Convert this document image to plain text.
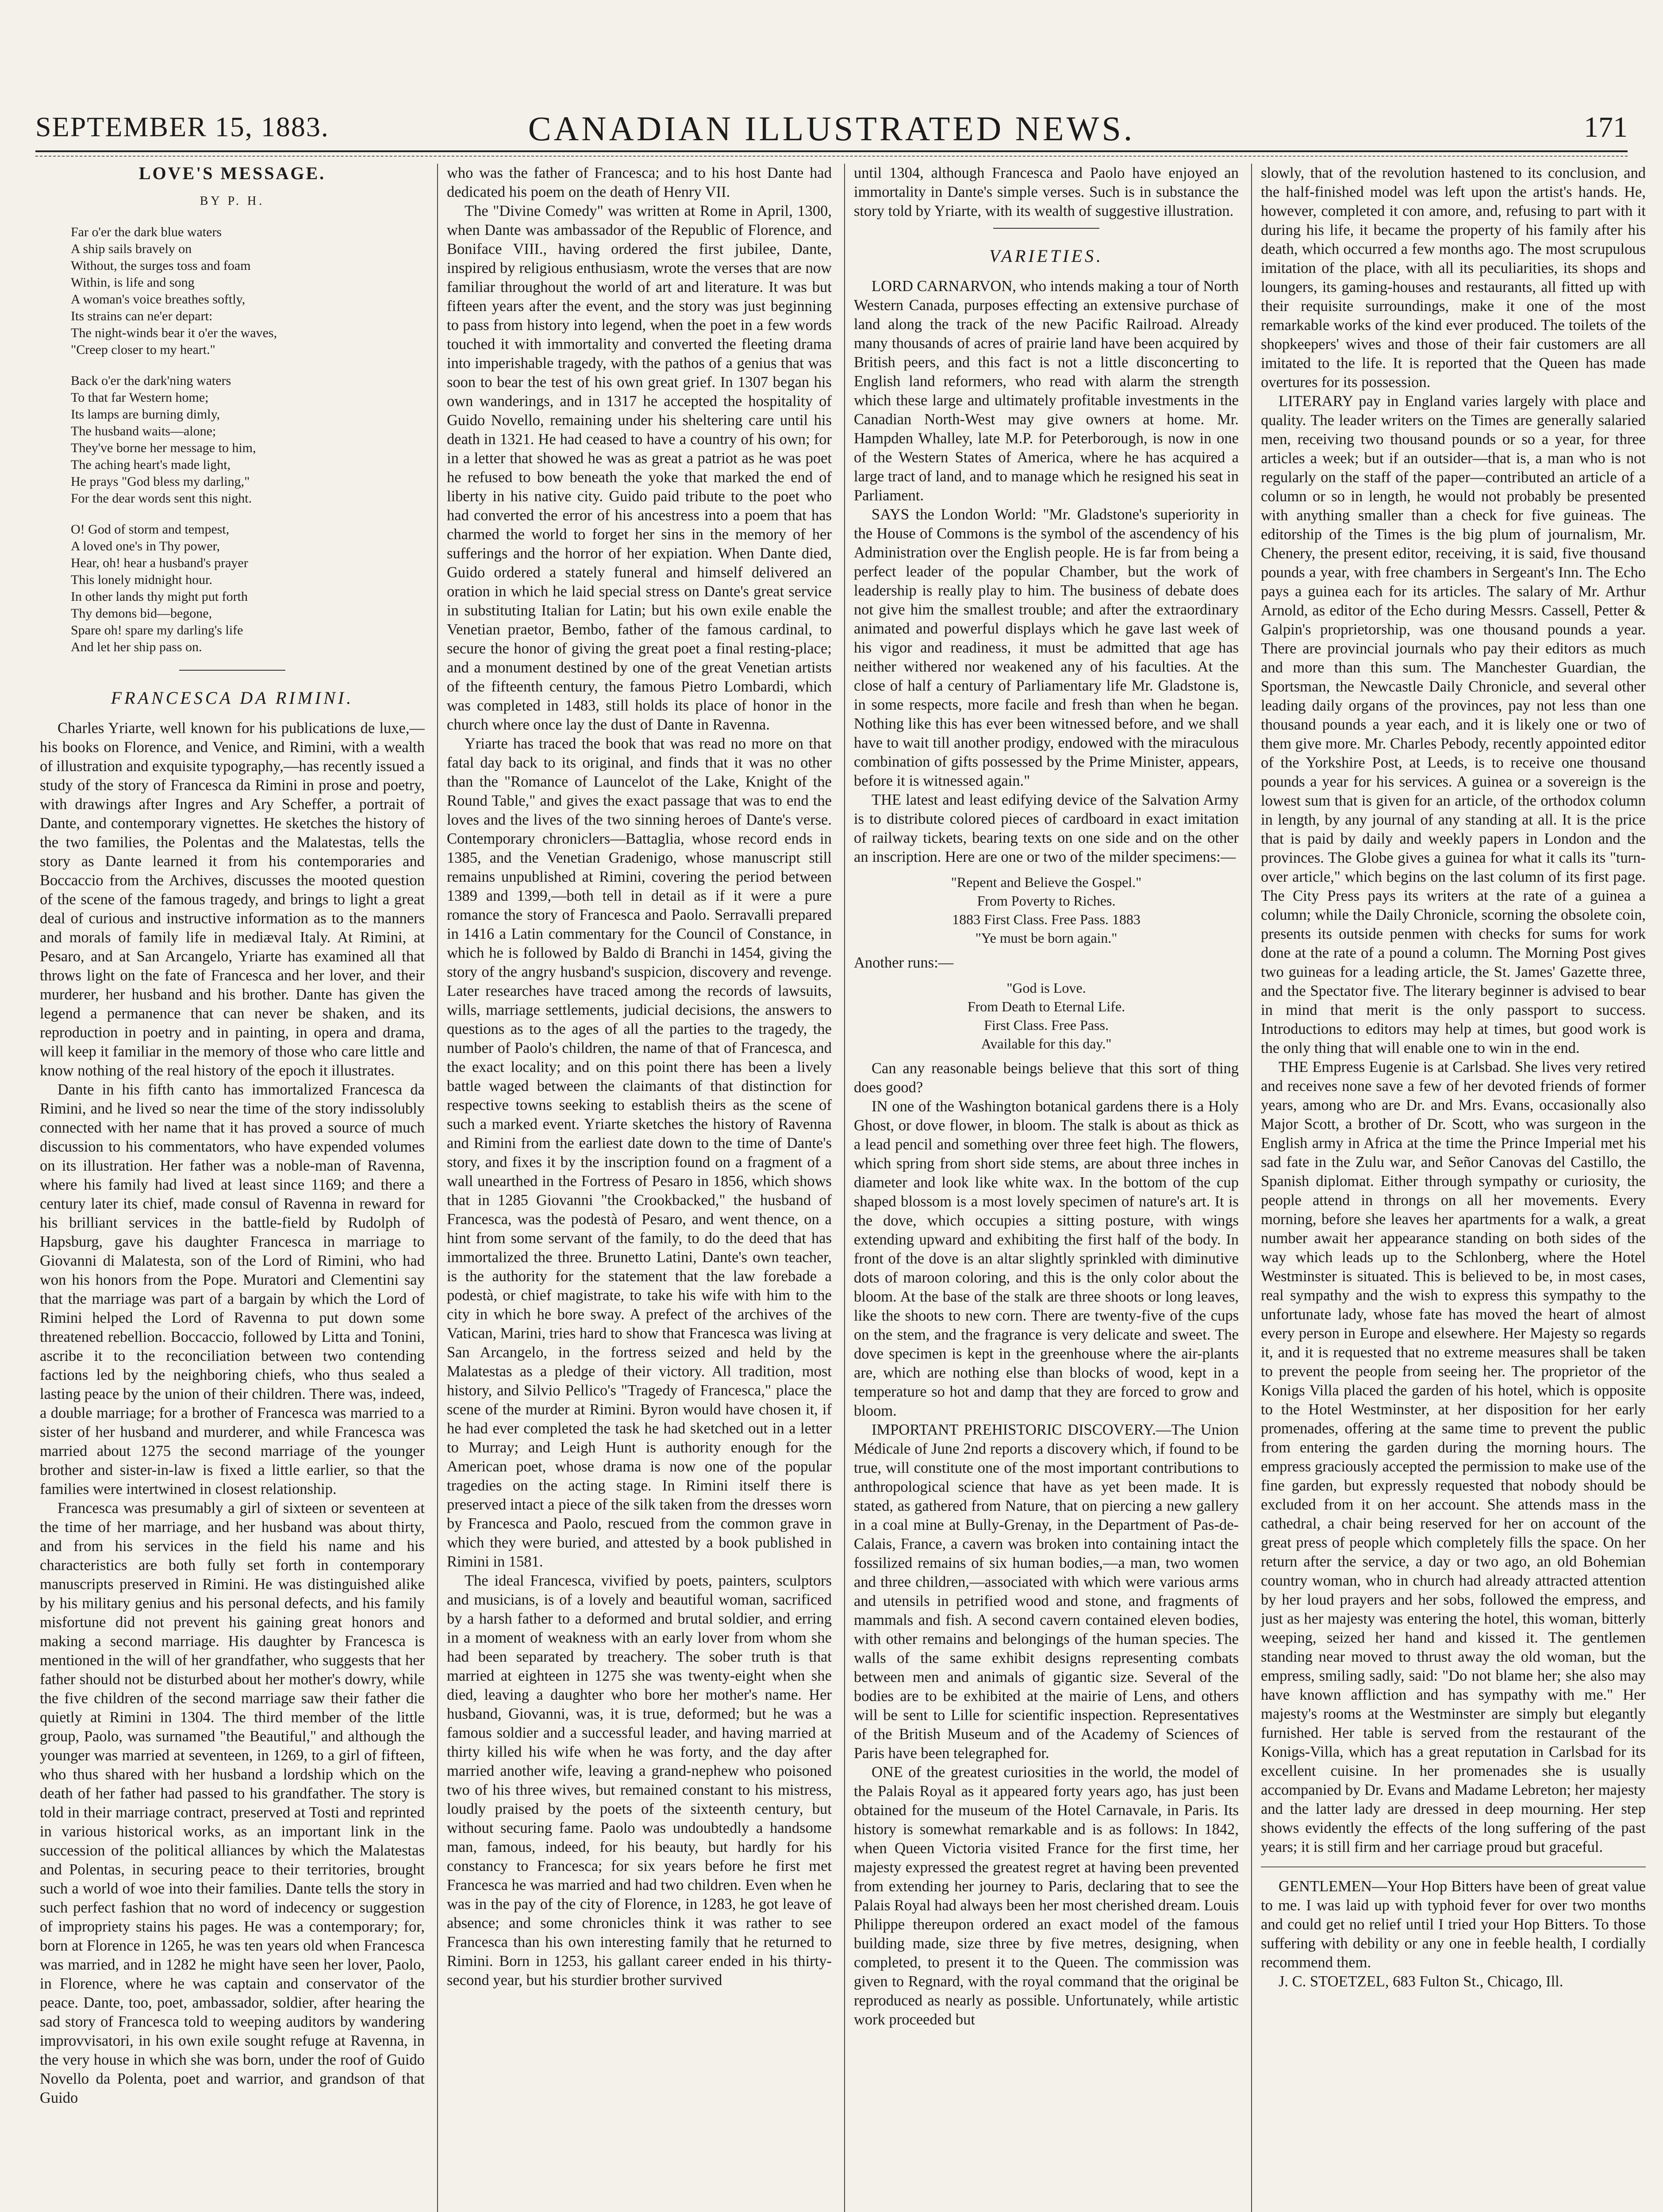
SEPTEMBER 15, 1883.	CANADIAN ILLUSTRATED NEWS.	171
LOVE'S MESSAGE.
BY P. H.
Far o'er the dark blue waters
A ship sails bravely on
Without, the surges toss and foam
Within, is life and song
A woman's voice breathes softly,
Its strains can ne'er depart:
The night-winds bear it o'er the waves,
"Creep closer to my heart."
Back o'er the dark'ning waters
To that far Western home;
Its lamps are burning dimly,
The husband waits—alone;
They've borne her message to him,
The aching heart's made light,
He prays "God bless my darling,"
For the dear words sent this night.
O! God of storm and tempest,
A loved one's in Thy power,
Hear, oh! hear a husband's prayer
This lonely midnight hour.
In other lands thy might put forth
Thy demons bid—begone,
Spare oh! spare my darling's life
And let her ship pass on.
FRANCESCA DA RIMINI.

Charles Yriarte, well known for his publications de luxe,—his books on Florence, and Venice, and Rimini, with a wealth of illustration and exquisite typography,—has recently issued a study of the story of Francesca da Rimini in prose and poetry, with drawings after Ingres and Ary Scheffer, a portrait of Dante, and contemporary vignettes. He sketches the history of the two families, the Polentas and the Malatestas, tells the story as Dante learned it from his contemporaries and Boccaccio from the Archives, discusses the mooted question of the scene of the famous tragedy, and brings to light a great deal of curious and instructive information as to the manners and morals of family life in mediæval Italy. At Rimini, at Pesaro, and at San Arcangelo, Yriarte has examined all that throws light on the fate of Francesca and her lover, and their murderer, her husband and his brother. Dante has given the legend a permanence that can never be shaken, and its reproduction in poetry and in painting, in opera and drama, will keep it familiar in the memory of those who care little and know nothing of the real history of the epoch it illustrates.

Dante in his fifth canto has immortalized Francesca da Rimini, and he lived so near the time of the story indissolubly connected with her name that it has proved a source of much discussion to his commentators, who have expended volumes on its illustration. Her father was a noble-man of Ravenna, where his family had lived at least since 1169; and there a century later its chief, made consul of Ravenna in reward for his brilliant services in the battle-field by Rudolph of Hapsburg, gave his daughter Francesca in marriage to Giovanni di Malatesta, son of the Lord of Rimini, who had won his honors from the Pope. Muratori and Clementini say that the marriage was part of a bargain by which the Lord of Rimini helped the Lord of Ravenna to put down some threatened rebellion. Boccaccio, followed by Litta and Tonini, ascribe it to the reconciliation between two contending factions led by the neighboring chiefs, who thus sealed a lasting peace by the union of their children. There was, indeed, a double marriage; for a brother of Francesca was married to a sister of her husband and murderer, and while Francesca was married about 1275 the second marriage of the younger brother and sister-in-law is fixed a little earlier, so that the families were intertwined in closest relationship.

Francesca was presumably a girl of sixteen or seventeen at the time of her marriage, and her husband was about thirty, and from his services in the field his name and his characteristics are both fully set forth in contemporary manuscripts preserved in Rimini. He was distinguished alike by his military genius and his personal defects, and his family misfortune did not prevent his gaining great honors and making a second marriage. His daughter by Francesca is mentioned in the will of her grandfather, who suggests that her father should not be disturbed about her mother's dowry, while the five children of the second marriage saw their father die quietly at Rimini in 1304. The third member of the little group, Paolo, was surnamed "the Beautiful," and although the younger was married at seventeen, in 1269, to a girl of fifteen, who thus shared with her husband a lordship which on the death of her father had passed to his grandfather. The story is told in their marriage contract, preserved at Tosti and reprinted in various historical works, as an important link in the succession of the political alliances by which the Malatestas and Polentas, in securing peace to their territories, brought such a world of woe into their families. Dante tells the story in such perfect fashion that no word of indecency or suggestion of impropriety stains his pages. He was a contemporary; for, born at Florence in 1265, he was ten years old when Francesca was married, and in 1282 he might have seen her lover, Paolo, in Florence, where he was captain and conservator of the peace. Dante, too, poet, ambassador, soldier, after hearing the sad story of Francesca told to weeping auditors by wandering improvvisatori, in his own exile sought refuge at Ravenna, in the very house in which she was born, under the roof of Guido Novello da Polenta, poet and warrior, and grandson of that Guido

who was the father of Francesca; and to his host Dante had dedicated his poem on the death of Henry VII.

The "Divine Comedy" was written at Rome in April, 1300, when Dante was ambassador of the Republic of Florence, and Boniface VIII., having ordered the first jubilee, Dante, inspired by religious enthusiasm, wrote the verses that are now familiar throughout the world of art and literature. It was but fifteen years after the event, and the story was just beginning to pass from history into legend, when the poet in a few words touched it with immortality and converted the fleeting drama into imperishable tragedy, with the pathos of a genius that was soon to bear the test of his own great grief. In 1307 began his own wanderings, and in 1317 he accepted the hospitality of Guido Novello, remaining under his sheltering care until his death in 1321. He had ceased to have a country of his own; for in a letter that showed he was as great a patriot as he was poet he refused to bow beneath the yoke that marked the end of liberty in his native city. Guido paid tribute to the poet who had converted the error of his ancestress into a poem that has charmed the world to forget her sins in the memory of her sufferings and the horror of her expiation. When Dante died, Guido ordered a stately funeral and himself delivered an oration in which he laid special stress on Dante's great service in substituting Italian for Latin; but his own exile enable the Venetian praetor, Bembo, father of the famous cardinal, to secure the honor of giving the great poet a final resting-place; and a monument destined by one of the great Venetian artists of the fifteenth century, the famous Pietro Lombardi, which was completed in 1483, still holds its place of honor in the church where once lay the dust of Dante in Ravenna.

Yriarte has traced the book that was read no more on that fatal day back to its original, and finds that it was no other than the "Romance of Launcelot of the Lake, Knight of the Round Table," and gives the exact passage that was to end the loves and the lives of the two sinning heroes of Dante's verse. Contemporary chroniclers—Battaglia, whose record ends in 1385, and the Venetian Gradenigo, whose manuscript still remains unpublished at Rimini, covering the period between 1389 and 1399,—both tell in detail as if it were a pure romance the story of Francesca and Paolo. Serravalli prepared in 1416 a Latin commentary for the Council of Constance, in which he is followed by Baldo di Branchi in 1454, giving the story of the angry husband's suspicion, discovery and revenge. Later researches have traced among the records of lawsuits, wills, marriage settlements, judicial decisions, the answers to questions as to the ages of all the parties to the tragedy, the number of Paolo's children, the name of that of Francesca, and the exact locality; and on this point there has been a lively battle waged between the claimants of that distinction for respective towns seeking to establish theirs as the scene of such a marked event. Yriarte sketches the history of Ravenna and Rimini from the earliest date down to the time of Dante's story, and fixes it by the inscription found on a fragment of a wall unearthed in the Fortress of Pesaro in 1856, which shows that in 1285 Giovanni "the Crookbacked," the husband of Francesca, was the podestà of Pesaro, and went thence, on a hint from some servant of the family, to do the deed that has immortalized the three. Brunetto Latini, Dante's own teacher, is the authority for the statement that the law forebade a podestà, or chief magistrate, to take his wife with him to the city in which he bore sway. A prefect of the archives of the Vatican, Marini, tries hard to show that Francesca was living at San Arcangelo, in the fortress seized and held by the Malatestas as a pledge of their victory. All tradition, most history, and Silvio Pellico's "Tragedy of Francesca," place the scene of the murder at Rimini. Byron would have chosen it, if he had ever completed the task he had sketched out in a letter to Murray; and Leigh Hunt is authority enough for the American poet, whose drama is now one of the popular tragedies on the acting stage. In Rimini itself there is preserved intact a piece of the silk taken from the dresses worn by Francesca and Paolo, rescued from the common grave in which they were buried, and attested by a book published in Rimini in 1581.

The ideal Francesca, vivified by poets, painters, sculptors and musicians, is of a lovely and beautiful woman, sacrificed by a harsh father to a deformed and brutal soldier, and erring in a moment of weakness with an early lover from whom she had been separated by treachery. The sober truth is that married at eighteen in 1275 she was twenty-eight when she died, leaving a daughter who bore her mother's name. Her husband, Giovanni, was, it is true, deformed; but he was a famous soldier and a successful leader, and having married at thirty killed his wife when he was forty, and the day after married another wife, leaving a grand-nephew who poisoned two of his three wives, but remained constant to his mistress, loudly praised by the poets of the sixteenth century, but without securing fame. Paolo was undoubtedly a handsome man, famous, indeed, for his beauty, but hardly for his constancy to Francesca; for six years before he first met Francesca he was married and had two children. Even when he was in the pay of the city of Florence, in 1283, he got leave of absence; and some chronicles think it was rather to see Francesca than his own interesting family that he returned to Rimini. Born in 1253, his gallant career ended in his thirty-second year, but his sturdier brother survived

until 1304, although Francesca and Paolo have enjoyed an immortality in Dante's simple verses. Such is in substance the story told by Yriarte, with its wealth of suggestive illustration.

VARIETIES.

LORD CARNARVON, who intends making a tour of North Western Canada, purposes effecting an extensive purchase of land along the track of the new Pacific Railroad. Already many thousands of acres of prairie land have been acquired by British peers, and this fact is not a little disconcerting to English land reformers, who read with alarm the strength which these large and ultimately profitable investments in the Canadian North-West may give owners at home. Mr. Hampden Whalley, late M.P. for Peterborough, is now in one of the Western States of America, where he has acquired a large tract of land, and to manage which he resigned his seat in Parliament.

SAYS the London World: "Mr. Gladstone's superiority in the House of Commons is the symbol of the ascendency of his Administration over the English people. He is far from being a perfect leader of the popular Chamber, but the work of leadership is really play to him. The business of debate does not give him the smallest trouble; and after the extraordinary animated and powerful displays which he gave last week of his vigor and readiness, it must be admitted that age has neither withered nor weakened any of his faculties. At the close of half a century of Parliamentary life Mr. Gladstone is, in some respects, more facile and fresh than when he began. Nothing like this has ever been witnessed before, and we shall have to wait till another prodigy, endowed with the miraculous combination of gifts possessed by the Prime Minister, appears, before it is witnessed again."

THE latest and least edifying device of the Salvation Army is to distribute colored pieces of cardboard in exact imitation of railway tickets, bearing texts on one side and on the other an inscription. Here are one or two of the milder specimens:—

"Repent and Believe the Gospel."
From Poverty to Riches.
1883 First Class. Free Pass. 1883
"Ye must be born again."

Another runs:—

"God is Love.
From Death to Eternal Life.
First Class. Free Pass.
Available for this day."

Can any reasonable beings believe that this sort of thing does good?

IN one of the Washington botanical gardens there is a Holy Ghost, or dove flower, in bloom. The stalk is about as thick as a lead pencil and something over three feet high. The flowers, which spring from short side stems, are about three inches in diameter and look like white wax. In the bottom of the cup shaped blossom is a most lovely specimen of nature's art. It is the dove, which occupies a sitting posture, with wings extending upward and exhibiting the first half of the body. In front of the dove is an altar slightly sprinkled with diminutive dots of maroon coloring, and this is the only color about the bloom. At the base of the stalk are three shoots or long leaves, like the shoots to new corn. There are twenty-five of the cups on the stem, and the fragrance is very delicate and sweet. The dove specimen is kept in the greenhouse where the air-plants are, which are nothing else than blocks of wood, kept in a temperature so hot and damp that they are forced to grow and bloom.

IMPORTANT PREHISTORIC DISCOVERY.—The Union Médicale of June 2nd reports a discovery which, if found to be true, will constitute one of the most important contributions to anthropological science that have as yet been made. It is stated, as gathered from Nature, that on piercing a new gallery in a coal mine at Bully-Grenay, in the Department of Pas-de-Calais, France, a cavern was broken into containing intact the fossilized remains of six human bodies,—a man, two women and three children,—associated with which were various arms and utensils in petrified wood and stone, and fragments of mammals and fish. A second cavern contained eleven bodies, with other remains and belongings of the human species. The walls of the same exhibit designs representing combats between men and animals of gigantic size. Several of the bodies are to be exhibited at the mairie of Lens, and others will be sent to Lille for scientific inspection. Representatives of the British Museum and of the Academy of Sciences of Paris have been telegraphed for.

ONE of the greatest curiosities in the world, the model of the Palais Royal as it appeared forty years ago, has just been obtained for the museum of the Hotel Carnavale, in Paris. Its history is somewhat remarkable and is as follows: In 1842, when Queen Victoria visited France for the first time, her majesty expressed the greatest regret at having been prevented from extending her journey to Paris, declaring that to see the Palais Royal had always been her most cherished dream. Louis Philippe thereupon ordered an exact model of the famous building made, size three by five metres, designing, when completed, to present it to the Queen. The commission was given to Regnard, with the royal command that the original be reproduced as nearly as possible. Unfortunately, while artistic work proceeded but

slowly, that of the revolution hastened to its conclusion, and the half-finished model was left upon the artist's hands. He, however, completed it con amore, and, refusing to part with it during his life, it became the property of his family after his death, which occurred a few months ago. The most scrupulous imitation of the place, with all its peculiarities, its shops and loungers, its gaming-houses and restaurants, all fitted up with their requisite surroundings, make it one of the most remarkable works of the kind ever produced. The toilets of the shopkeepers' wives and those of their fair customers are all imitated to the life. It is reported that the Queen has made overtures for its possession.

LITERARY pay in England varies largely with place and quality. The leader writers on the Times are generally salaried men, receiving two thousand pounds or so a year, for three articles a week; but if an outsider—that is, a man who is not regularly on the staff of the paper—contributed an article of a column or so in length, he would not probably be presented with anything smaller than a check for five guineas. The editorship of the Times is the big plum of journalism, Mr. Chenery, the present editor, receiving, it is said, five thousand pounds a year, with free chambers in Sergeant's Inn. The Echo pays a guinea each for its articles. The salary of Mr. Arthur Arnold, as editor of the Echo during Messrs. Cassell, Petter & Galpin's proprietorship, was one thousand pounds a year. There are provincial journals who pay their editors as much and more than this sum. The Manchester Guardian, the Sportsman, the Newcastle Daily Chronicle, and several other leading daily organs of the provinces, pay not less than one thousand pounds a year each, and it is likely one or two of them give more. Mr. Charles Pebody, recently appointed editor of the Yorkshire Post, at Leeds, is to receive one thousand pounds a year for his services. A guinea or a sovereign is the lowest sum that is given for an article, of the orthodox column in length, by any journal of any standing at all. It is the price that is paid by daily and weekly papers in London and the provinces. The Globe gives a guinea for what it calls its "turn-over article," which begins on the last column of its first page. The City Press pays its writers at the rate of a guinea a column; while the Daily Chronicle, scorning the obsolete coin, presents its outside penmen with checks for sums for work done at the rate of a pound a column. The Morning Post gives two guineas for a leading article, the St. James' Gazette three, and the Spectator five. The literary beginner is advised to bear in mind that merit is the only passport to success. Introductions to editors may help at times, but good work is the only thing that will enable one to win in the end.

THE Empress Eugenie is at Carlsbad. She lives very retired and receives none save a few of her devoted friends of former years, among who are Dr. and Mrs. Evans, occasionally also Major Scott, a brother of Dr. Scott, who was surgeon in the English army in Africa at the time the Prince Imperial met his sad fate in the Zulu war, and Señor Canovas del Castillo, the Spanish diplomat. Either through sympathy or curiosity, the people attend in throngs on all her movements. Every morning, before she leaves her apartments for a walk, a great number await her appearance standing on both sides of the way which leads up to the Schlonberg, where the Hotel Westminster is situated. This is believed to be, in most cases, real sympathy and the wish to express this sympathy to the unfortunate lady, whose fate has moved the heart of almost every person in Europe and elsewhere. Her Majesty so regards it, and it is requested that no extreme measures shall be taken to prevent the people from seeing her. The proprietor of the Konigs Villa placed the garden of his hotel, which is opposite to the Hotel Westminster, at her disposition for her early promenades, offering at the same time to prevent the public from entering the garden during the morning hours. The empress graciously accepted the permission to make use of the fine garden, but expressly requested that nobody should be excluded from it on her account. She attends mass in the cathedral, a chair being reserved for her on account of the great press of people which completely fills the space. On her return after the service, a day or two ago, an old Bohemian country woman, who in church had already attracted attention by her loud prayers and her sobs, followed the empress, and just as her majesty was entering the hotel, this woman, bitterly weeping, seized her hand and kissed it. The gentlemen standing near moved to thrust away the old woman, but the empress, smiling sadly, said: "Do not blame her; she also may have known affliction and has sympathy with me." Her majesty's rooms at the Westminster are simply but elegantly furnished. Her table is served from the restaurant of the Konigs-Villa, which has a great reputation in Carlsbad for its excellent cuisine. In her promenades she is usually accompanied by Dr. Evans and Madame Lebreton; her majesty and the latter lady are dressed in deep mourning. Her step shows evidently the effects of the long suffering of the past years; it is still firm and her carriage proud but graceful.

GENTLEMEN—Your Hop Bitters have been of great value to me. I was laid up with typhoid fever for over two months and could get no relief until I tried your Hop Bitters. To those suffering with debility or any one in feeble health, I cordially recommend them.

J. C. STOETZEL, 683 Fulton St., Chicago, Ill.
